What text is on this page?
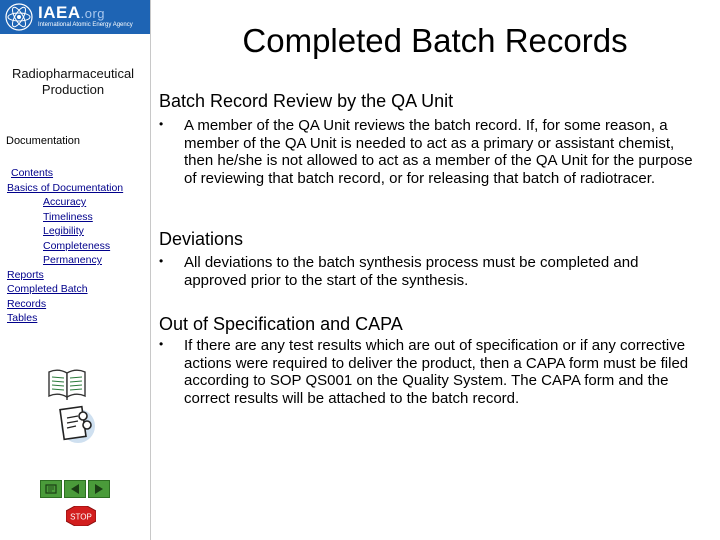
IAEA.org
International Atomic Energy Agency
Radiopharmaceutical Production
Documentation
Contents
Basics of Documentation
Accuracy
Timeliness
Legibility
Completeness
Permanency
Reports
Completed Batch
Records
Tables
STOP
Completed Batch Records
Batch Record Review by the QA Unit
• A member of the QA Unit reviews the batch record. If, for some reason, a member of the QA Unit is needed to act as a primary or assistant chemist, then he/she is not allowed to act as a member of the QA Unit for the purpose of reviewing that batch record, or for releasing that batch of radiotracer.
Deviations
• All deviations to the batch synthesis process must be completed and approved prior to the start of the synthesis.
Out of Specification and CAPA
• If there are any test results which are out of specification or if any corrective actions were required to deliver the product, then a CAPA form must be filed according to SOP QS001 on the Quality System. The CAPA form and the correct results will be attached to the batch record.
